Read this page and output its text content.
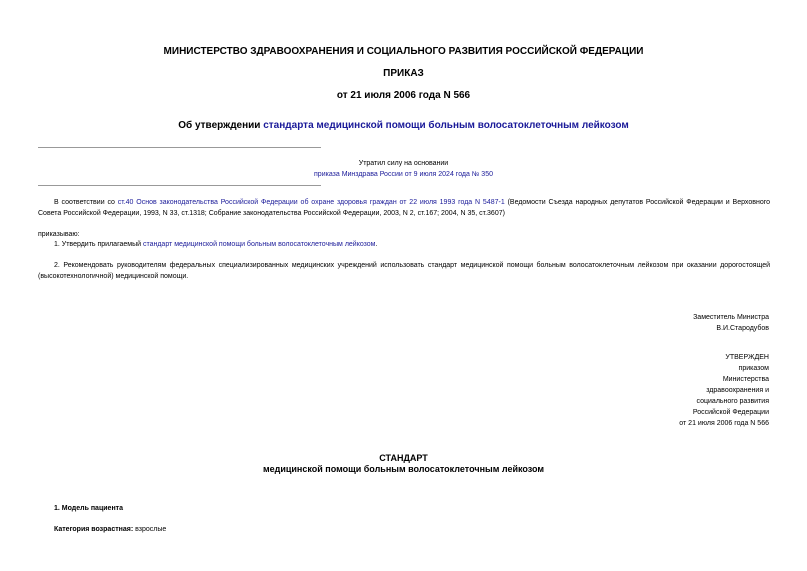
МИНИСТЕРСТВО ЗДРАВООХРАНЕНИЯ И СОЦИАЛЬНОГО РАЗВИТИЯ РОССИЙСКОЙ ФЕДЕРАЦИИ
ПРИКАЗ
от 21 июля 2006 года N 566
Об утверждении стандарта медицинской помощи больным волосатоклеточным лейкозом
Утратил силу на основании
приказа Минздрава России от 9 июля 2024 года № 350
В соответствии со ст.40 Основ законодательства Российской Федерации об охране здоровья граждан от 22 июля 1993 года N 5487-1 (Ведомости Съезда народных депутатов Российской Федерации и Верховного Совета Российской Федерации, 1993, N 33, ст.1318; Собрание законодательства Российской Федерации, 2003, N 2, ст.167; 2004, N 35, ст.3607)
приказываю:
1. Утвердить прилагаемый стандарт медицинской помощи больным волосатоклеточным лейкозом.
2. Рекомендовать руководителям федеральных специализированных медицинских учреждений использовать стандарт медицинской помощи больным волосатоклеточным лейкозом при оказании дорогостоящей (высокотехнологичной) медицинской помощи.
Заместитель Министра
В.И.Стародубов
УТВЕРЖДЕН
приказом
Министерства
здравоохранения и
социального развития
Российской Федерации
от 21 июля 2006 года N 566
СТАНДАРТ
медицинской помощи больным волосатоклеточным лейкозом
1. Модель пациента
Категория возрастная: взрослые
